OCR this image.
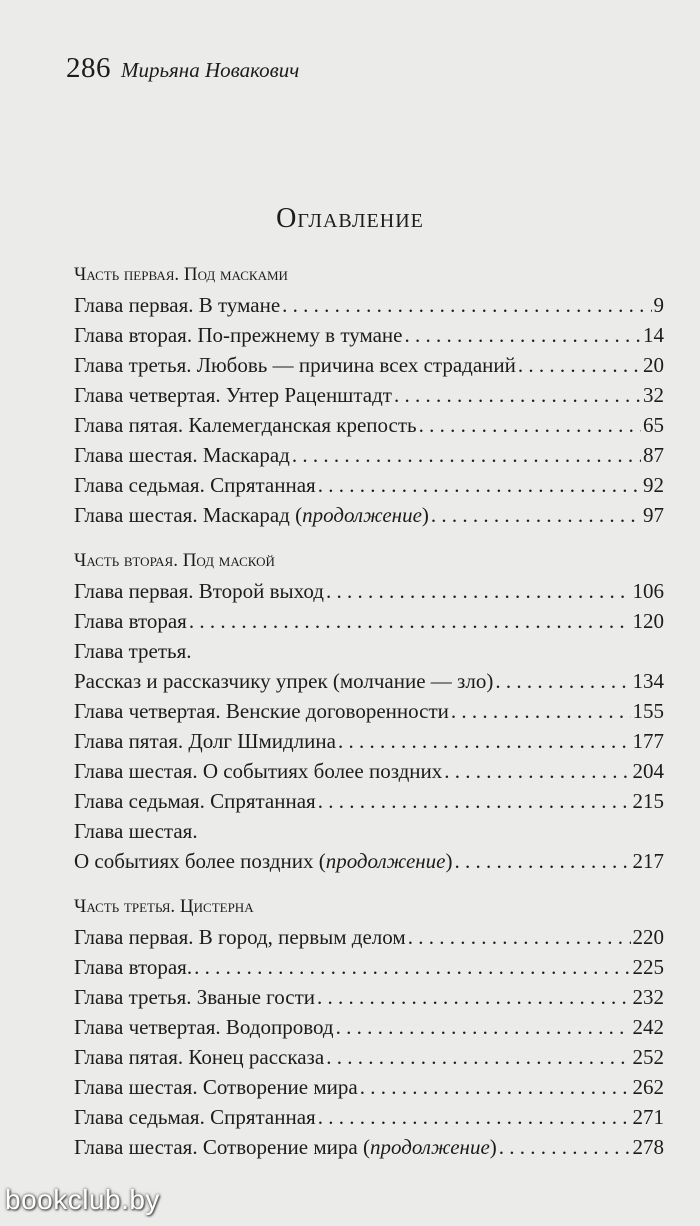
286 Мирьяна Новакович
Оглавление
Часть первая. Под масками
Глава первая. В тумане . . .	9
Глава вторая. По-прежнему в тумане . . .	14
Глава третья. Любовь — причина всех страданий . . .	20
Глава четвертая. Унтер Раценштадт . . .	32
Глава пятая. Калемегданская крепость . . .	65
Глава шестая. Маскарад . . .	87
Глава седьмая. Спрятанная . . .	92
Глава шестая. Маскарад (продолжение) . . .	97
Часть вторая. Под маской
Глава первая. Второй выход . . .	106
Глава вторая . . .	120
Глава третья.
Рассказ и рассказчику упрек (молчание — зло) . . .	134
Глава четвертая. Венские договоренности . . .	155
Глава пятая. Долг Шмидлина . . .	177
Глава шестая. О событиях более поздних . . .	204
Глава седьмая. Спрятанная . . .	215
Глава шестая.
О событиях более поздних (продолжение) . . .	217
Часть третья. Цистерна
Глава первая. В город, первым делом . . .	220
Глава вторая. . . .	225
Глава третья. Званые гости . . .	232
Глава четвертая. Водопровод . . .	242
Глава пятая. Конец рассказа . . .	252
Глава шестая. Сотворение мира . . .	262
Глава седьмая. Спрятанная . . .	271
Глава шестая. Сотворение мира (продолжение) . . .	278
bookclub.by
